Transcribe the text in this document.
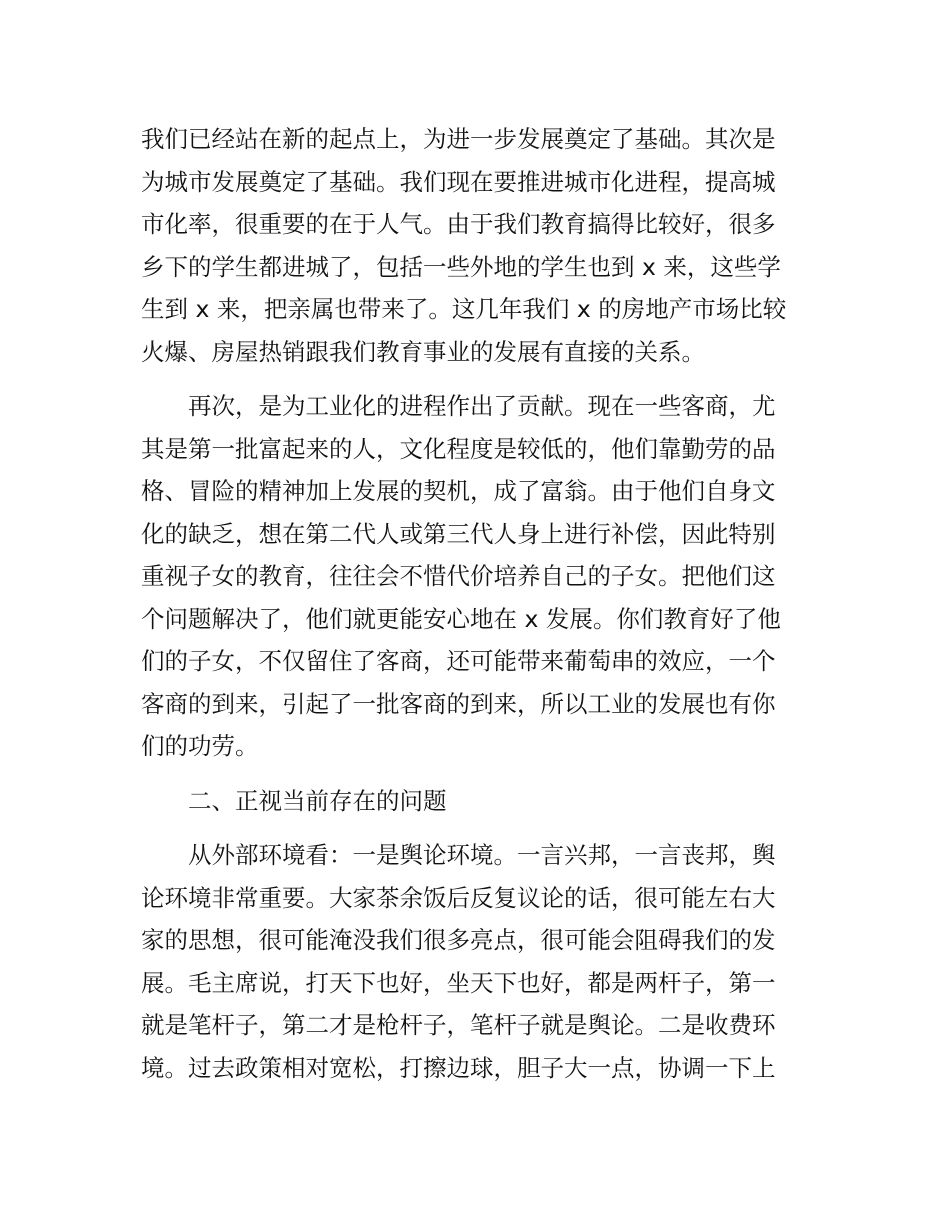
我们已经站在新的起点上，为进一步发展奠定了基础。其次是
为城市发展奠定了基础。我们现在要推进城市化进程，提高城
市化率，很重要的在于人气。由于我们教育搞得比较好，很多
乡下的学生都进城了，包括一些外地的学生也到 x 来，这些学
生到 x 来，把亲属也带来了。这几年我们 x 的房地产市场比较
火爆、房屋热销跟我们教育事业的发展有直接的关系。
　　再次，是为工业化的进程作出了贡献。现在一些客商，尤
其是第一批富起来的人，文化程度是较低的，他们靠勤劳的品
格、冒险的精神加上发展的契机，成了富翁。由于他们自身文
化的缺乏，想在第二代人或第三代人身上进行补偿，因此特别
重视子女的教育，往往会不惜代价培养自己的子女。把他们这
个问题解决了，他们就更能安心地在 x 发展。你们教育好了他
们的子女，不仅留住了客商，还可能带来葡萄串的效应，一个
客商的到来，引起了一批客商的到来，所以工业的发展也有你
们的功劳。
　　二、正视当前存在的问题
　　从外部环境看：一是舆论环境。一言兴邦，一言丧邦，舆
论环境非常重要。大家茶余饭后反复议论的话，很可能左右大
家的思想，很可能淹没我们很多亮点，很可能会阻碍我们的发
展。毛主席说，打天下也好，坐天下也好，都是两杆子，第一
就是笔杆子，第二才是枪杆子，笔杆子就是舆论。二是收费环
境。过去政策相对宽松，打擦边球，胆子大一点，协调一下上
